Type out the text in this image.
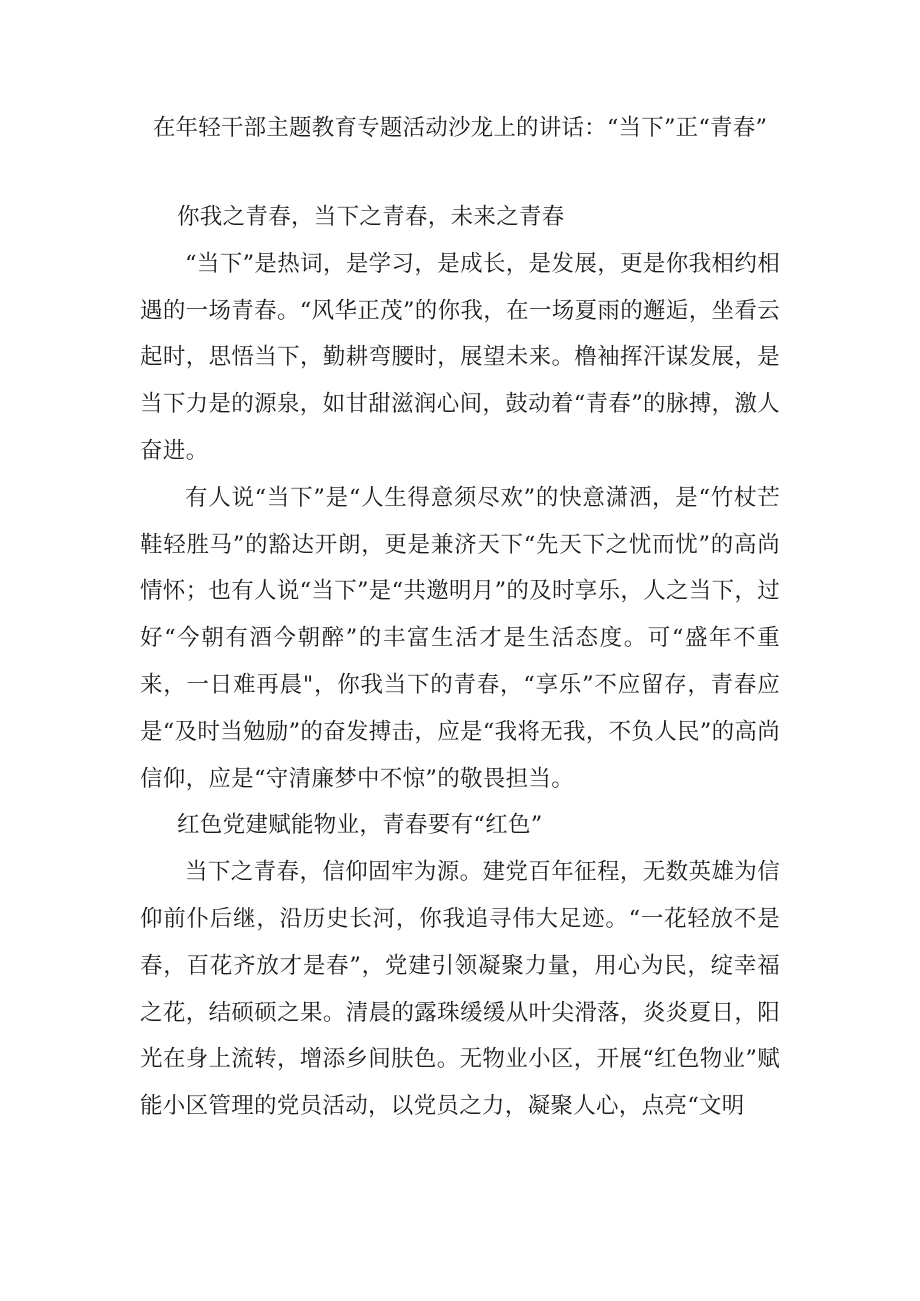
在年轻干部主题教育专题活动沙龙上的讲话：“当下”正“青春”

你我之青春，当下之青春，未来之青春

“当下”是热词，是学习，是成长，是发展，更是你我相约相遇的一场青春。“风华正茂”的你我，在一场夏雨的邂逅，坐看云起时，思悟当下，勤耕弯腰时，展望未来。橹袖挥汗谋发展，是当下力是的源泉，如甘甜滋润心间，鼓动着“青春”的脉搏，激人奋进。

有人说“当下”是“人生得意须尽欢”的快意潇洒，是“竹杖芒鞋轻胜马”的豁达开朗，更是兼济天下“先天下之忧而忧”的高尚情怀；也有人说“当下”是“共邀明月”的及时享乐，人之当下，过好“今朝有酒今朝醉”的丰富生活才是生活态度。可“盛年不重来，一日难再晨"，你我当下的青春，“享乐”不应留存，青春应是“及时当勉励”的奋发搏击，应是“我将无我，不负人民”的高尚信仰，应是“守清廉梦中不惊”的敬畏担当。

红色党建赋能物业，青春要有“红色”

当下之青春，信仰固牢为源。建党百年征程，无数英雄为信仰前仆后继，沿历史长河，你我追寻伟大足迹。“一花轻放不是春，百花齐放才是春”，党建引领凝聚力量，用心为民，绽幸福之花，结硕硕之果。清晨的露珠缓缓从叶尖滑落，炎炎夏日，阳光在身上流转，增添乡间肤色。无物业小区，开展“红色物业”赋能小区管理的党员活动，以党员之力，凝聚人心，点亮“文明
